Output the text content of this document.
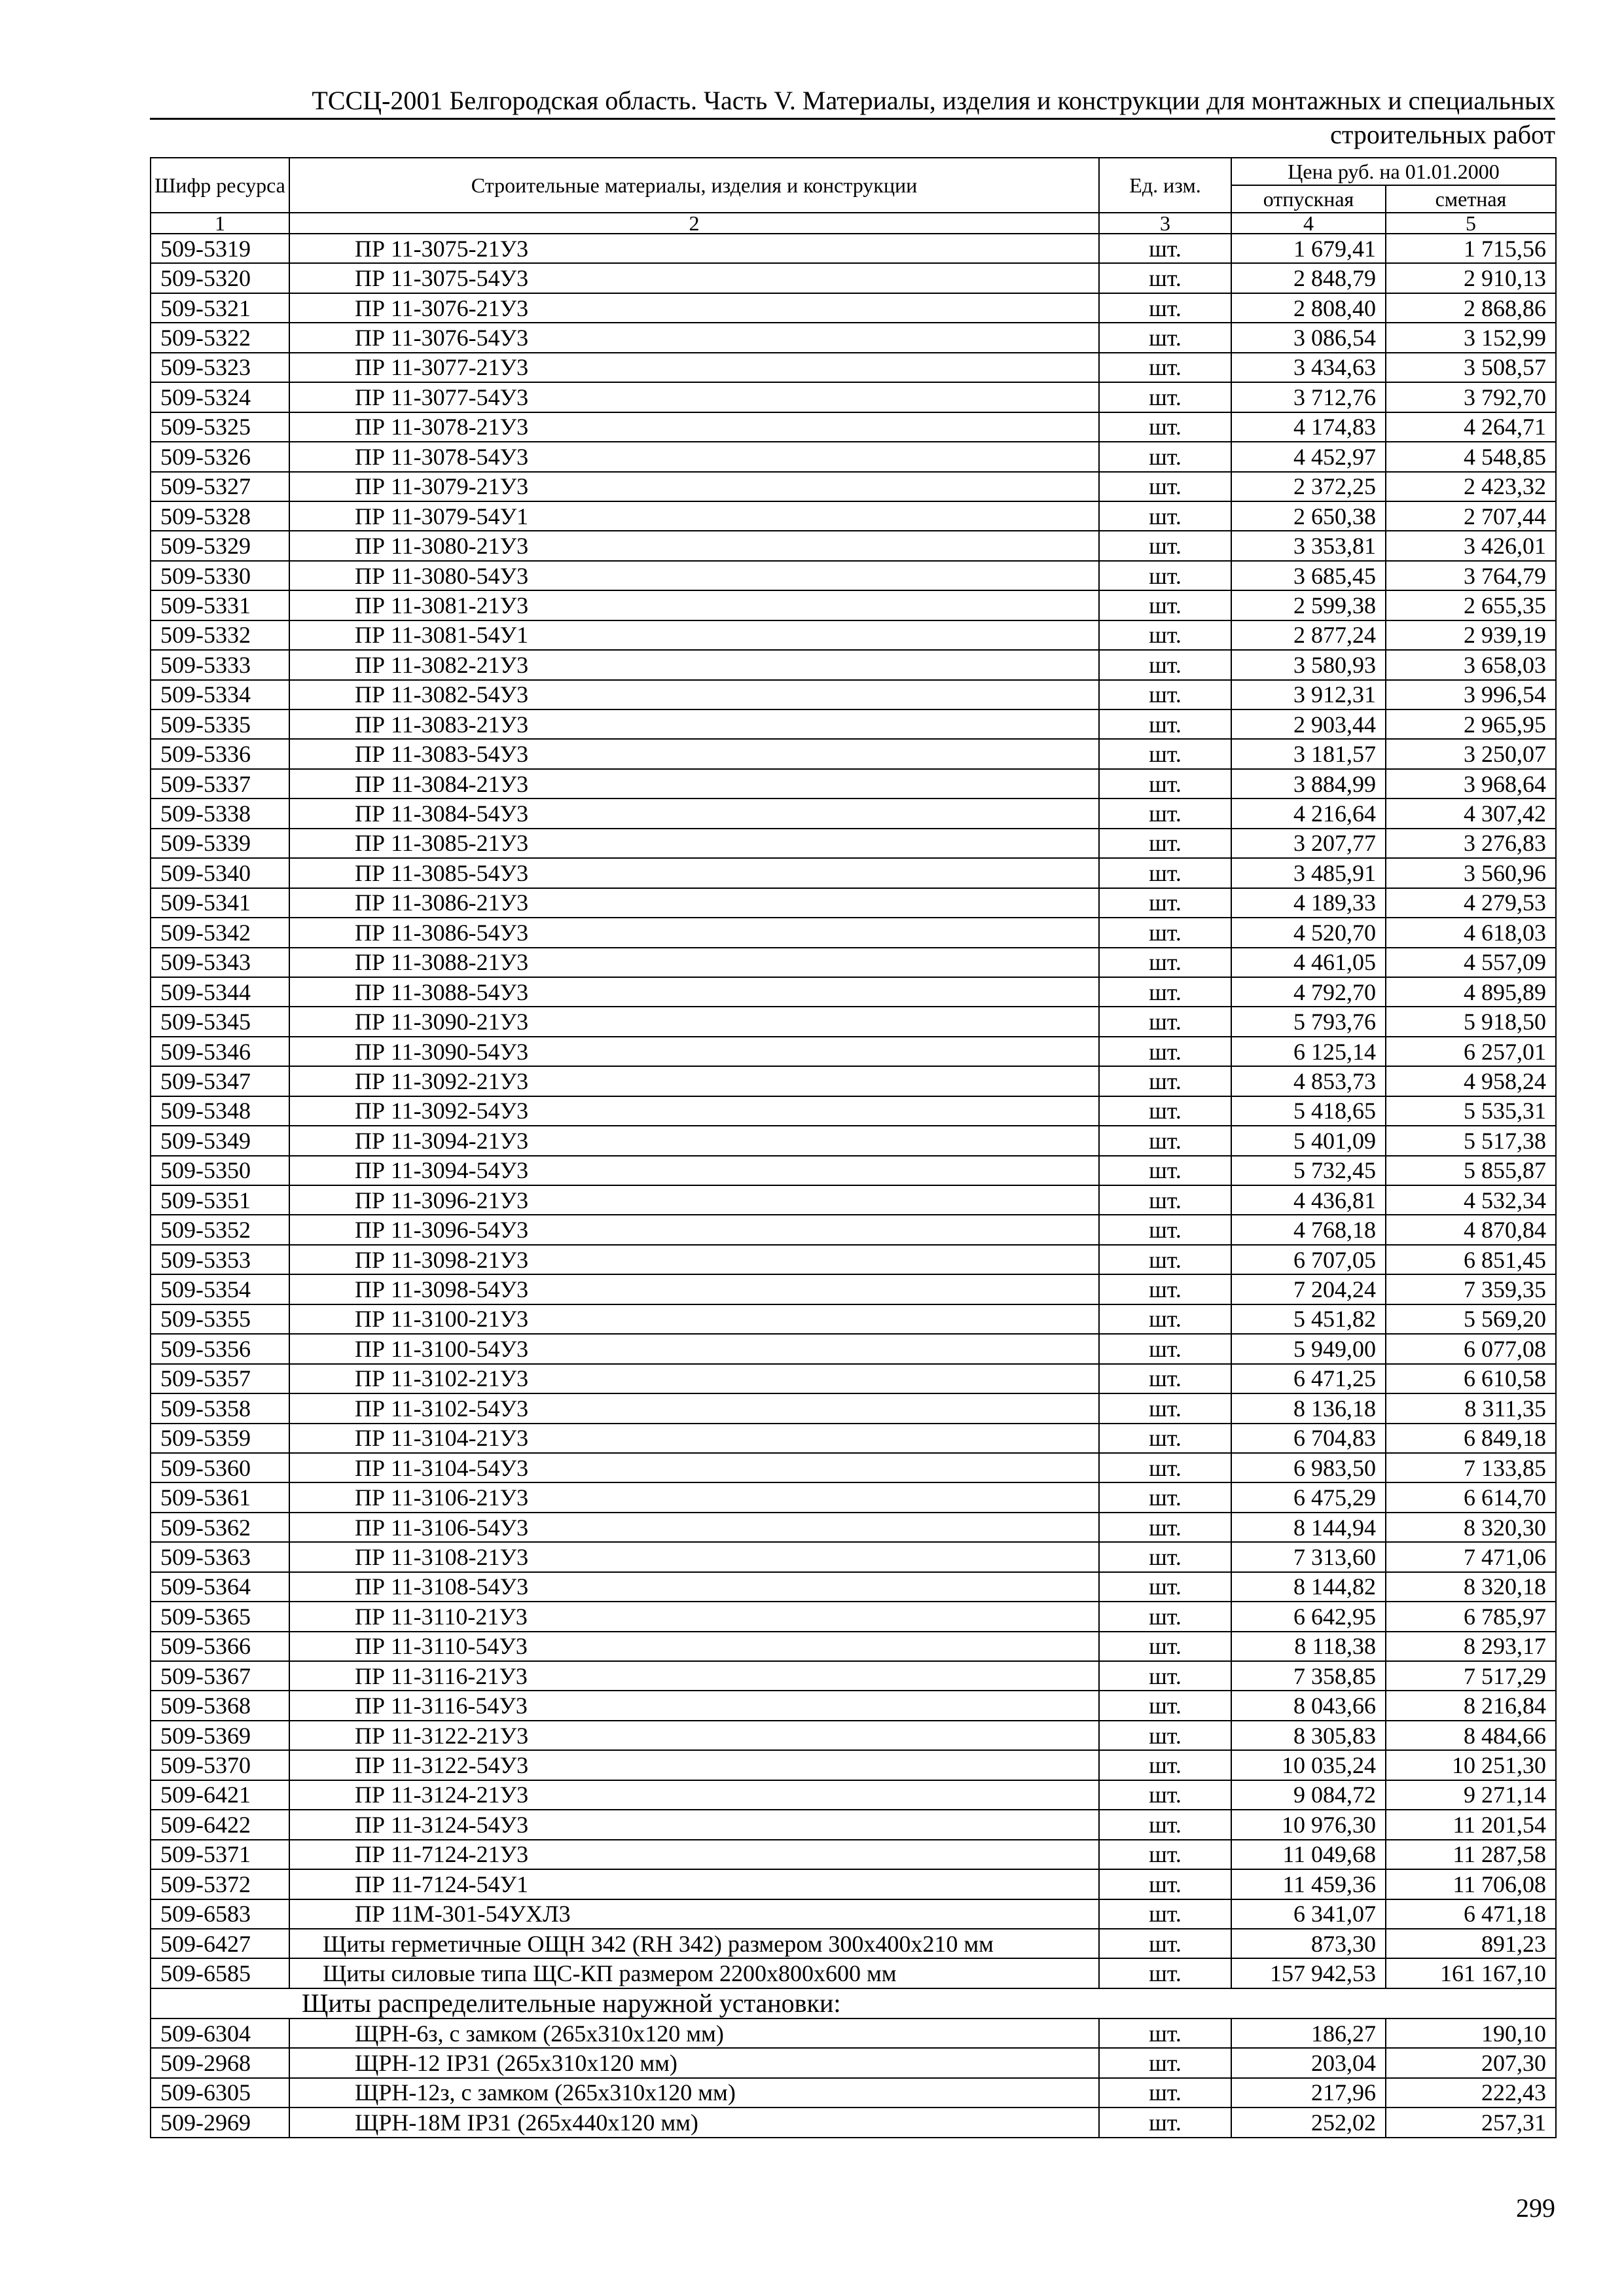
ТССЦ-2001 Белгородская область. Часть V. Материалы, изделия и конструкции для монтажных и специальных
строительных работ
Шифр ресурса	Строительные материалы, изделия и конструкции	Ед. изм.	Цена руб. на 01.01.2000	
			отпускная	сметная
1	2	3	4	5
509-5319	ПР 11-3075-21У3	шт.	1 679,41	1 715,56
509-5320	ПР 11-3075-54У3	шт.	2 848,79	2 910,13
509-5321	ПР 11-3076-21У3	шт.	2 808,40	2 868,86
509-5322	ПР 11-3076-54У3	шт.	3 086,54	3 152,99
509-5323	ПР 11-3077-21У3	шт.	3 434,63	3 508,57
509-5324	ПР 11-3077-54У3	шт.	3 712,76	3 792,70
509-5325	ПР 11-3078-21У3	шт.	4 174,83	4 264,71
509-5326	ПР 11-3078-54У3	шт.	4 452,97	4 548,85
509-5327	ПР 11-3079-21У3	шт.	2 372,25	2 423,32
509-5328	ПР 11-3079-54У1	шт.	2 650,38	2 707,44
509-5329	ПР 11-3080-21У3	шт.	3 353,81	3 426,01
509-5330	ПР 11-3080-54У3	шт.	3 685,45	3 764,79
509-5331	ПР 11-3081-21У3	шт.	2 599,38	2 655,35
509-5332	ПР 11-3081-54У1	шт.	2 877,24	2 939,19
509-5333	ПР 11-3082-21У3	шт.	3 580,93	3 658,03
509-5334	ПР 11-3082-54У3	шт.	3 912,31	3 996,54
509-5335	ПР 11-3083-21У3	шт.	2 903,44	2 965,95
509-5336	ПР 11-3083-54У3	шт.	3 181,57	3 250,07
509-5337	ПР 11-3084-21У3	шт.	3 884,99	3 968,64
509-5338	ПР 11-3084-54У3	шт.	4 216,64	4 307,42
509-5339	ПР 11-3085-21У3	шт.	3 207,77	3 276,83
509-5340	ПР 11-3085-54У3	шт.	3 485,91	3 560,96
509-5341	ПР 11-3086-21У3	шт.	4 189,33	4 279,53
509-5342	ПР 11-3086-54У3	шт.	4 520,70	4 618,03
509-5343	ПР 11-3088-21У3	шт.	4 461,05	4 557,09
509-5344	ПР 11-3088-54У3	шт.	4 792,70	4 895,89
509-5345	ПР 11-3090-21У3	шт.	5 793,76	5 918,50
509-5346	ПР 11-3090-54У3	шт.	6 125,14	6 257,01
509-5347	ПР 11-3092-21У3	шт.	4 853,73	4 958,24
509-5348	ПР 11-3092-54У3	шт.	5 418,65	5 535,31
509-5349	ПР 11-3094-21У3	шт.	5 401,09	5 517,38
509-5350	ПР 11-3094-54У3	шт.	5 732,45	5 855,87
509-5351	ПР 11-3096-21У3	шт.	4 436,81	4 532,34
509-5352	ПР 11-3096-54У3	шт.	4 768,18	4 870,84
509-5353	ПР 11-3098-21У3	шт.	6 707,05	6 851,45
509-5354	ПР 11-3098-54У3	шт.	7 204,24	7 359,35
509-5355	ПР 11-3100-21У3	шт.	5 451,82	5 569,20
509-5356	ПР 11-3100-54У3	шт.	5 949,00	6 077,08
509-5357	ПР 11-3102-21У3	шт.	6 471,25	6 610,58
509-5358	ПР 11-3102-54У3	шт.	8 136,18	8 311,35
509-5359	ПР 11-3104-21У3	шт.	6 704,83	6 849,18
509-5360	ПР 11-3104-54У3	шт.	6 983,50	7 133,85
509-5361	ПР 11-3106-21У3	шт.	6 475,29	6 614,70
509-5362	ПР 11-3106-54У3	шт.	8 144,94	8 320,30
509-5363	ПР 11-3108-21У3	шт.	7 313,60	7 471,06
509-5364	ПР 11-3108-54У3	шт.	8 144,82	8 320,18
509-5365	ПР 11-3110-21У3	шт.	6 642,95	6 785,97
509-5366	ПР 11-3110-54У3	шт.	8 118,38	8 293,17
509-5367	ПР 11-3116-21У3	шт.	7 358,85	7 517,29
509-5368	ПР 11-3116-54У3	шт.	8 043,66	8 216,84
509-5369	ПР 11-3122-21У3	шт.	8 305,83	8 484,66
509-5370	ПР 11-3122-54У3	шт.	10 035,24	10 251,30
509-6421	ПР 11-3124-21У3	шт.	9 084,72	9 271,14
509-6422	ПР 11-3124-54У3	шт.	10 976,30	11 201,54
509-5371	ПР 11-7124-21У3	шт.	11 049,68	11 287,58
509-5372	ПР 11-7124-54У1	шт.	11 459,36	11 706,08
509-6583	ПР 11М-301-54УХЛ3	шт.	6 341,07	6 471,18
509-6427	Щиты герметичные ОЩН 342 (RH 342) размером 300x400x210 мм	шт.	873,30	891,23
509-6585	Щиты силовые типа ЩС-КП размером 2200x800x600 мм	шт.	157 942,53	161 167,10
Щиты распределительные наружной установки:				
509-6304	ЩРН-6з, с замком (265x310x120 мм)	шт.	186,27	190,10
509-2968	ЩРН-12 IP31 (265x310x120 мм)	шт.	203,04	207,30
509-6305	ЩРН-12з, с замком (265x310x120 мм)	шт.	217,96	222,43
509-2969	ЩРН-18М IP31 (265x440x120 мм)	шт.	252,02	257,31
299
